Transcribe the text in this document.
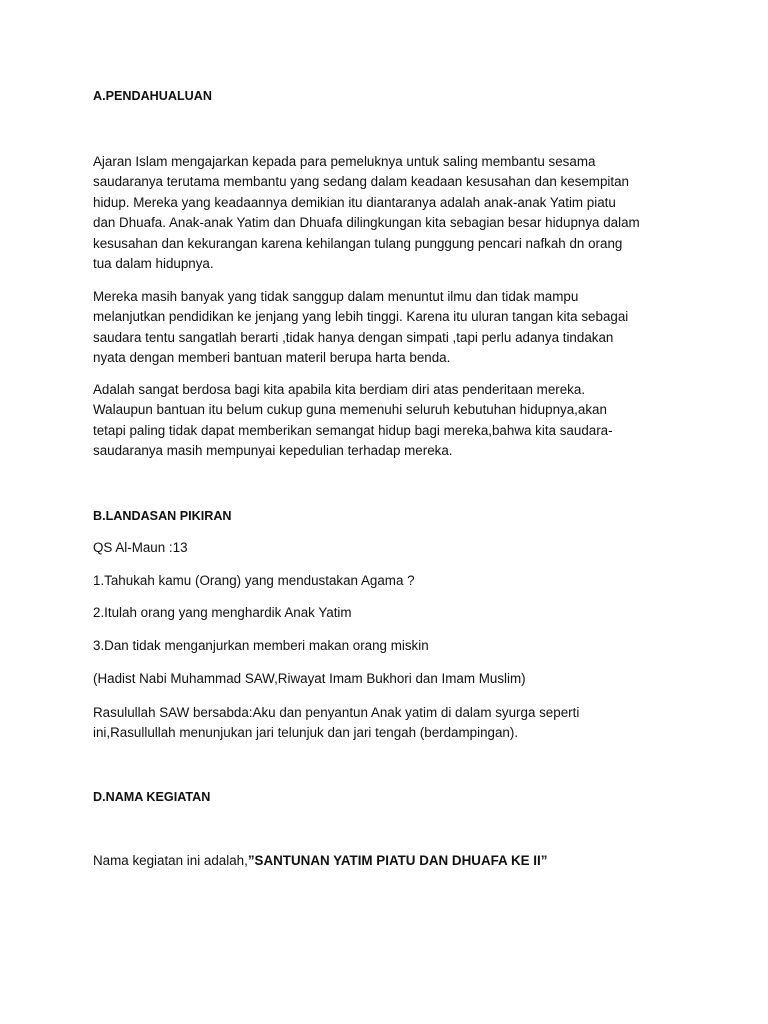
A.PENDAHUALUAN

Ajaran Islam mengajarkan kepada para pemeluknya untuk saling membantu sesama
saudaranya terutama membantu yang sedang dalam keadaan kesusahan dan kesempitan
hidup. Mereka yang keadaannya demikian itu diantaranya adalah anak-anak Yatim piatu
dan Dhuafa. Anak-anak Yatim dan Dhuafa dilingkungan kita sebagian besar hidupnya dalam
kesusahan dan kekurangan karena kehilangan tulang punggung pencari nafkah dn orang
tua dalam hidupnya.

Mereka masih banyak yang tidak sanggup dalam menuntut ilmu dan tidak mampu
melanjutkan pendidikan ke jenjang yang lebih tinggi. Karena itu uluran tangan kita sebagai
saudara tentu sangatlah berarti ,tidak hanya dengan simpati ,tapi perlu adanya tindakan
nyata dengan memberi bantuan materil berupa harta benda.

Adalah sangat berdosa bagi kita apabila kita berdiam diri atas penderitaan mereka.
Walaupun bantuan itu belum cukup guna memenuhi seluruh kebutuhan hidupnya,akan
tetapi paling tidak dapat memberikan semangat hidup bagi mereka,bahwa kita saudara-
saudaranya masih mempunyai kepedulian terhadap mereka.

B.LANDASAN PIKIRAN

QS Al-Maun :13

1.Tahukah kamu (Orang) yang mendustakan Agama ?

2.Itulah orang yang menghardik Anak Yatim

3.Dan tidak menganjurkan memberi makan orang miskin

(Hadist Nabi Muhammad SAW,Riwayat Imam Bukhori dan Imam Muslim)

Rasulullah SAW bersabda:Aku dan penyantun Anak yatim di dalam syurga seperti
ini,Rasullullah menunjukan jari telunjuk dan jari tengah (berdampingan).

D.NAMA KEGIATAN

Nama kegiatan ini adalah,”SANTUNAN YATIM PIATU DAN DHUAFA KE II”
